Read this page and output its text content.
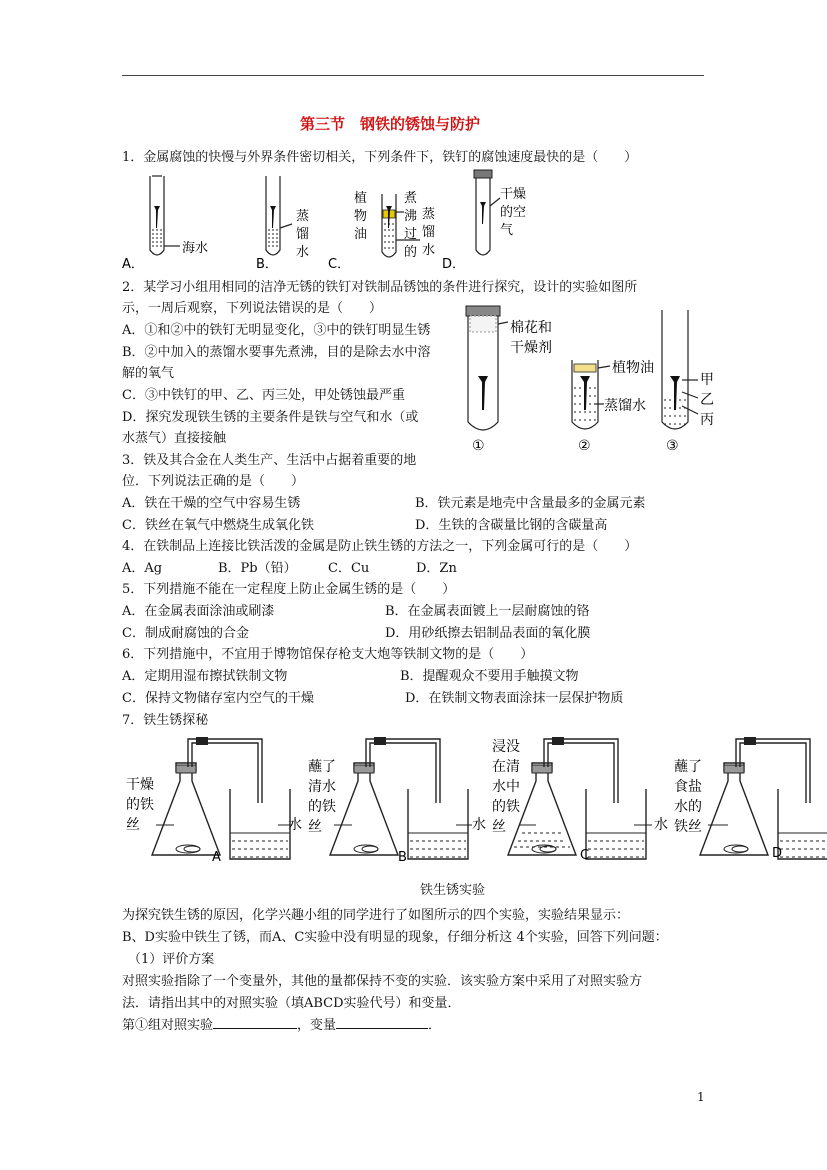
第三节　钢铁的锈蚀与防护
1．金属腐蚀的快慢与外界条件密切相关，下列条件下，铁钉的腐蚀速度最快的是（　　）
海水
蒸
馏
水
植
物
油
煮
沸
过
的
蒸
馏
水
干燥
的空
气
A．	B．	C．	D．
2．某学习小组用相同的洁净无锈的铁钉对铁制品锈蚀的条件进行探究，设计的实验如图所
示，一周后观察，下列说法错误的是（　　）
A．①和②中的铁钉无明显变化，③中的铁钉明显生锈
B．②中加入的蒸馏水要事先煮沸，目的是除去水中溶
解的氧气
C．③中铁钉的甲、乙、丙三处，甲处锈蚀最严重
D．探究发现铁生锈的主要条件是铁与空气和水（或
水蒸气）直接接触
棉花和
干燥剂
植物油
蒸馏水
甲
乙
丙
①	②	③
3．铁及其合金在人类生产、生活中占据着重要的地
位．下列说法正确的是（　　）
A．铁在干燥的空气中容易生锈	B．铁元素是地壳中含量最多的金属元素
C．铁丝在氧气中燃烧生成氧化铁	D．生铁的含碳量比钢的含碳量高
4．在铁制品上连接比铁活泼的金属是防止铁生锈的方法之一，下列金属可行的是（　　）
A．Ag	B．Pb（铅） C．Cu	D．Zn
5．下列措施不能在一定程度上防止金属生锈的是（　　）
A．在金属表面涂油或刷漆	B．在金属表面镀上一层耐腐蚀的铬
C．制成耐腐蚀的合金	D．用砂纸擦去铝制品表面的氧化膜
6．下列措施中，不宜用于博物馆保存枪支大炮等铁制文物的是（　　）
A．定期用湿布擦拭铁制文物	B．提醒观众不要用手触摸文物
C．保持文物储存室内空气的干燥	D．在铁制文物表面涂抹一层保护物质
7．铁生锈探秘
干燥
的铁
丝
A
水
蘸了
清水
的铁
丝
B
水
浸没
在清
水中
的铁
丝
C
水
蘸了
食盐
水的
铁丝
D
铁生锈实验
为探究铁生锈的原因，化学兴趣小组的同学进行了如图所示的四个实验，实验结果显示：
B、D实验中铁生了锈，而A、C实验中没有明显的现象，仔细分析这 4个实验，回答下列问题：
（1）评价方案
对照实验指除了一个变量外，其他的量都保持不变的实验．该实验方案中采用了对照实验方
法．请指出其中的对照实验（填ABCD实验代号）和变量．
第①组对照实验	，变量	．
1
